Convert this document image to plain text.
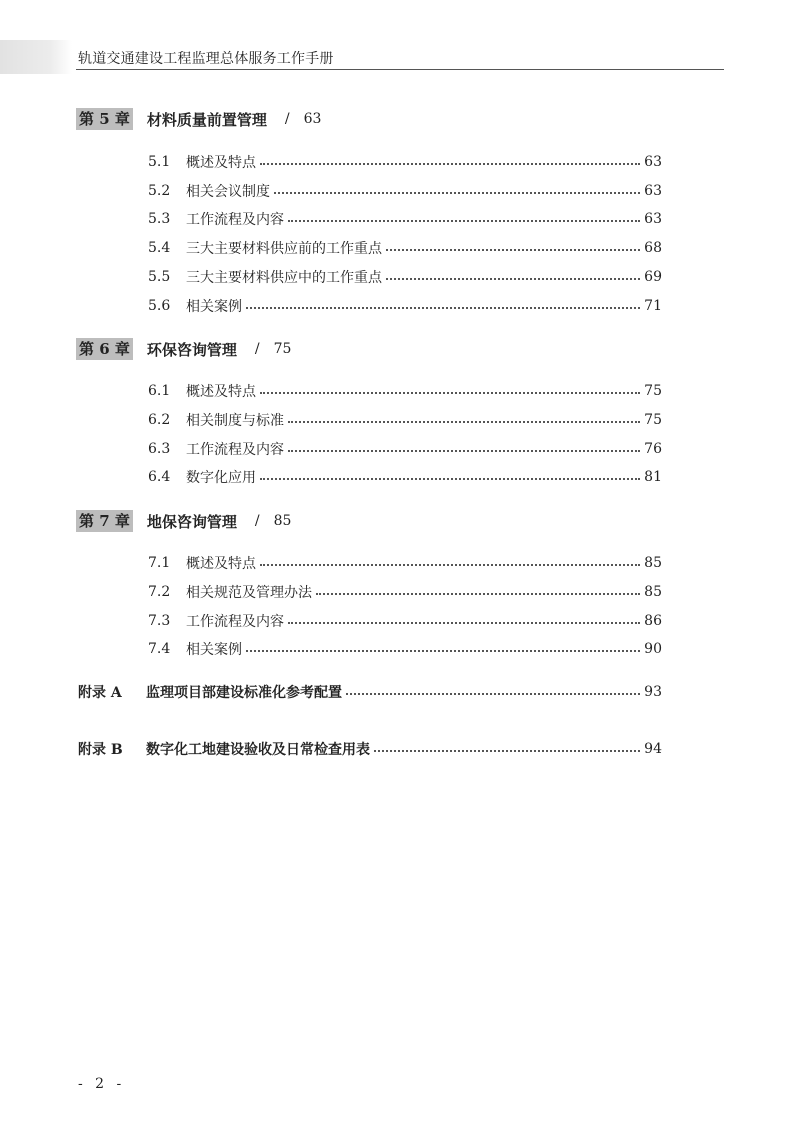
轨道交通建设工程监理总体服务工作手册
第 5 章 材料质量前置管理 / 63
5.1	概述及特点	63
5.2	相关会议制度	63
5.3	工作流程及内容	63
5.4	三大主要材料供应前的工作重点	68
5.5	三大主要材料供应中的工作重点	69
5.6	相关案例	71
第 6 章 环保咨询管理 / 75
6.1	概述及特点	75
6.2	相关制度与标准	75
6.3	工作流程及内容	76
6.4	数字化应用	81
第 7 章 地保咨询管理 / 85
7.1	概述及特点	85
7.2	相关规范及管理办法	85
7.3	工作流程及内容	86
7.4	相关案例	90
附录 A	监理项目部建设标准化参考配置	93
附录 B	数字化工地建设验收及日常检查用表	94
- 2 -
